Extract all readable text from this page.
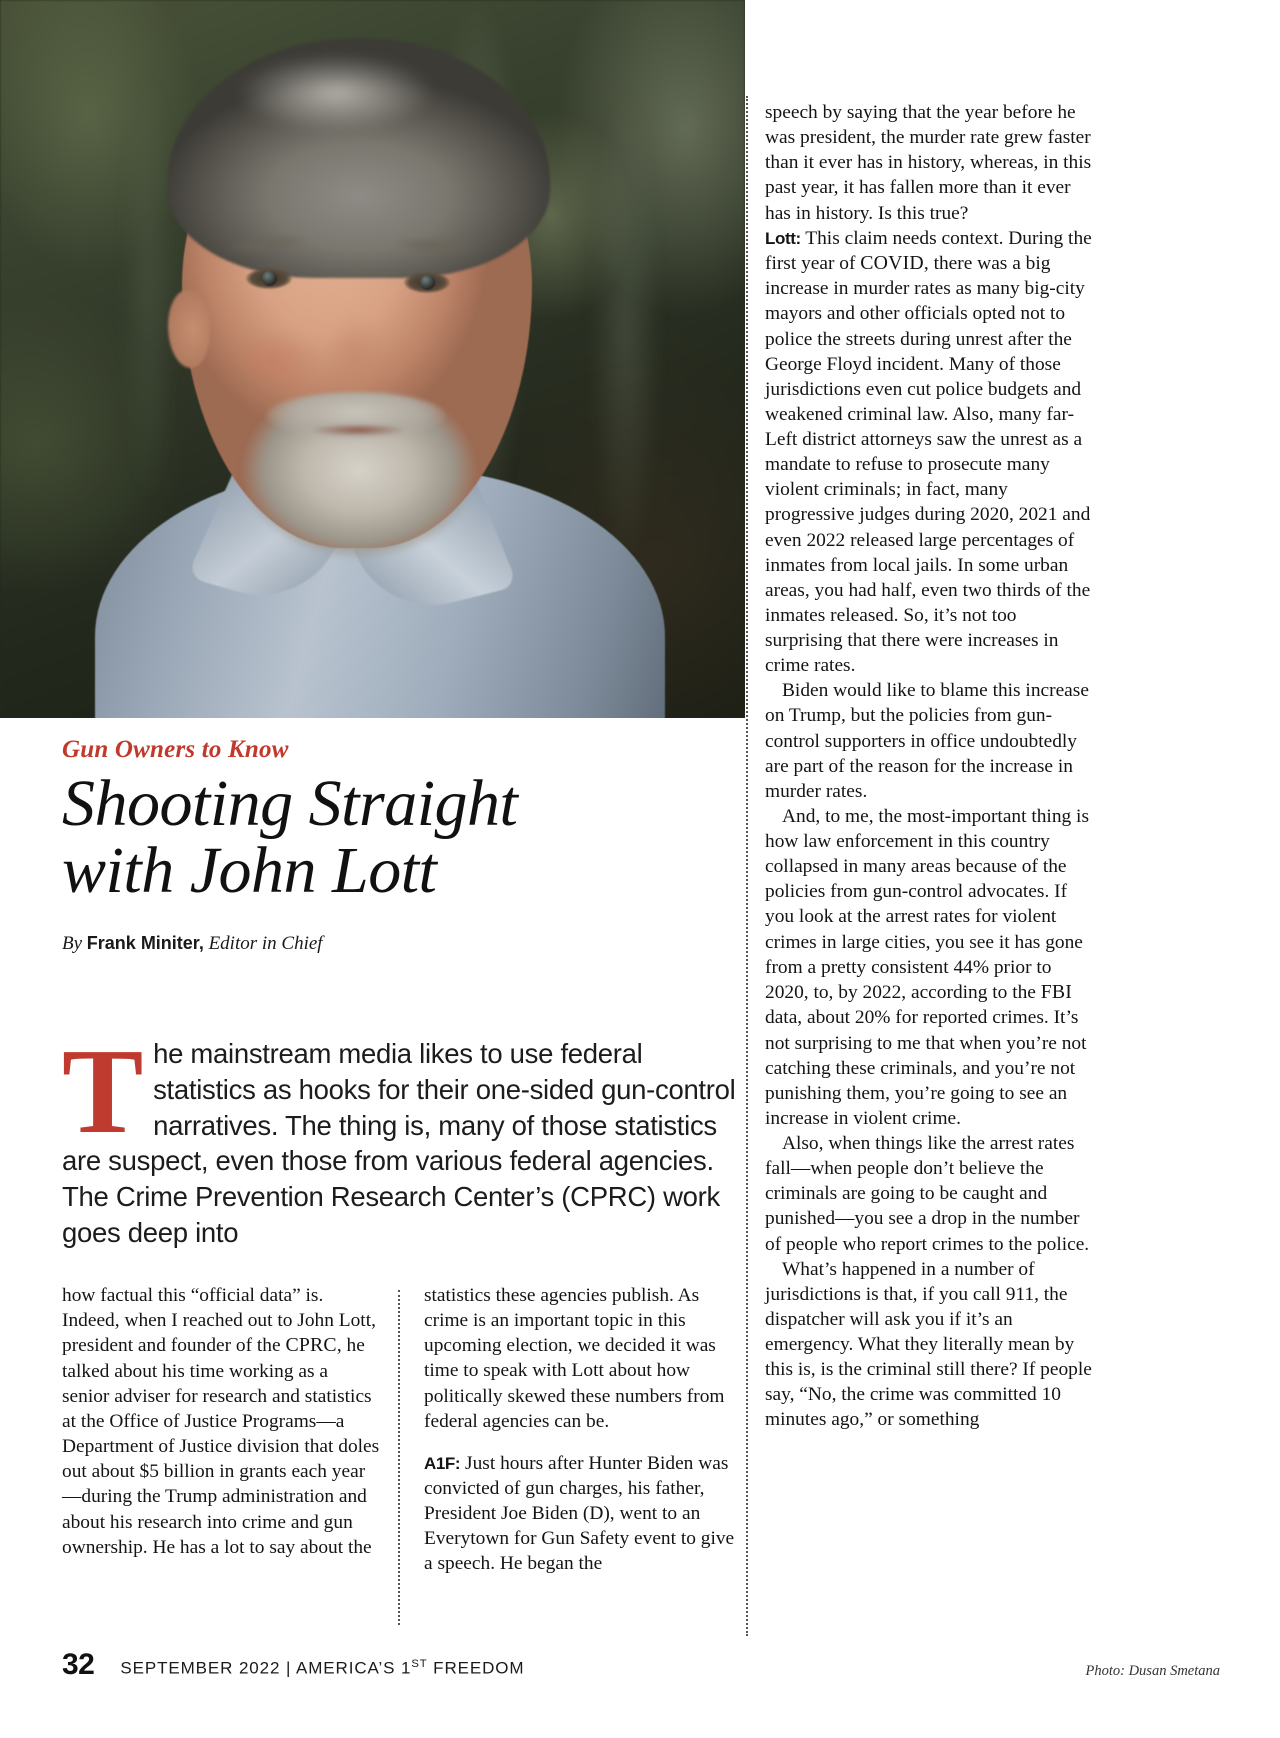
Gun Owners to Know
Shooting Straight
with John Lott
By Frank Miniter, Editor in Chief
The mainstream media likes to use federal statistics as hooks for their one-sided gun-control narratives. The thing is, many of those statistics are suspect, even those from various federal agencies. The Crime Prevention Research Center’s (CPRC) work goes deep into

how factual this “official data” is. Indeed, when I reached out to John Lott, president and founder of the CPRC, he talked about his time working as a senior adviser for research and statistics at the Office of Justice Programs—a Department of Justice division that doles out about $5 billion in grants each year—during the Trump administration and about his research into crime and gun ownership. He has a lot to say about the

statistics these agencies publish. As crime is an important topic in this upcoming election, we decided it was time to speak with Lott about how politically skewed these numbers from federal agencies can be.

A1F: Just hours after Hunter Biden was convicted of gun charges, his father, President Joe Biden (D), went to an Everytown for Gun Safety event to give a speech. He began the

speech by saying that the year before he was president, the murder rate grew faster than it ever has in history, whereas, in this past year, it has fallen more than it ever has in history. Is this true?

Lott: This claim needs context. During the first year of COVID, there was a big increase in murder rates as many big-city mayors and other officials opted not to police the streets during unrest after the George Floyd incident. Many of those jurisdictions even cut police budgets and weakened criminal law. Also, many far-Left district attorneys saw the unrest as a mandate to refuse to prosecute many violent criminals; in fact, many progressive judges during 2020, 2021 and even 2022 released large percentages of inmates from local jails. In some urban areas, you had half, even two thirds of the inmates released. So, it’s not too surprising that there were increases in crime rates.

Biden would like to blame this increase on Trump, but the policies from gun-control supporters in office undoubtedly are part of the reason for the increase in murder rates.

And, to me, the most-important thing is how law enforcement in this country collapsed in many areas because of the policies from gun-control advocates. If you look at the arrest rates for violent crimes in large cities, you see it has gone from a pretty consistent 44% prior to 2020, to, by 2022, according to the FBI data, about 20% for reported crimes. It’s not surprising to me that when you’re not catching these criminals, and you’re not punishing them, you’re going to see an increase in violent crime.

Also, when things like the arrest rates fall—when people don’t believe the criminals are going to be caught and punished—you see a drop in the number of people who report crimes to the police.

What’s happened in a number of jurisdictions is that, if you call 911, the dispatcher will ask you if it’s an emergency. What they literally mean by this is, is the criminal still there? If people say, “No, the crime was committed 10 minutes ago,” or something

32 SEPTEMBER 2022 | AMERICA’S 1ST FREEDOM	Photo: Dusan Smetana
